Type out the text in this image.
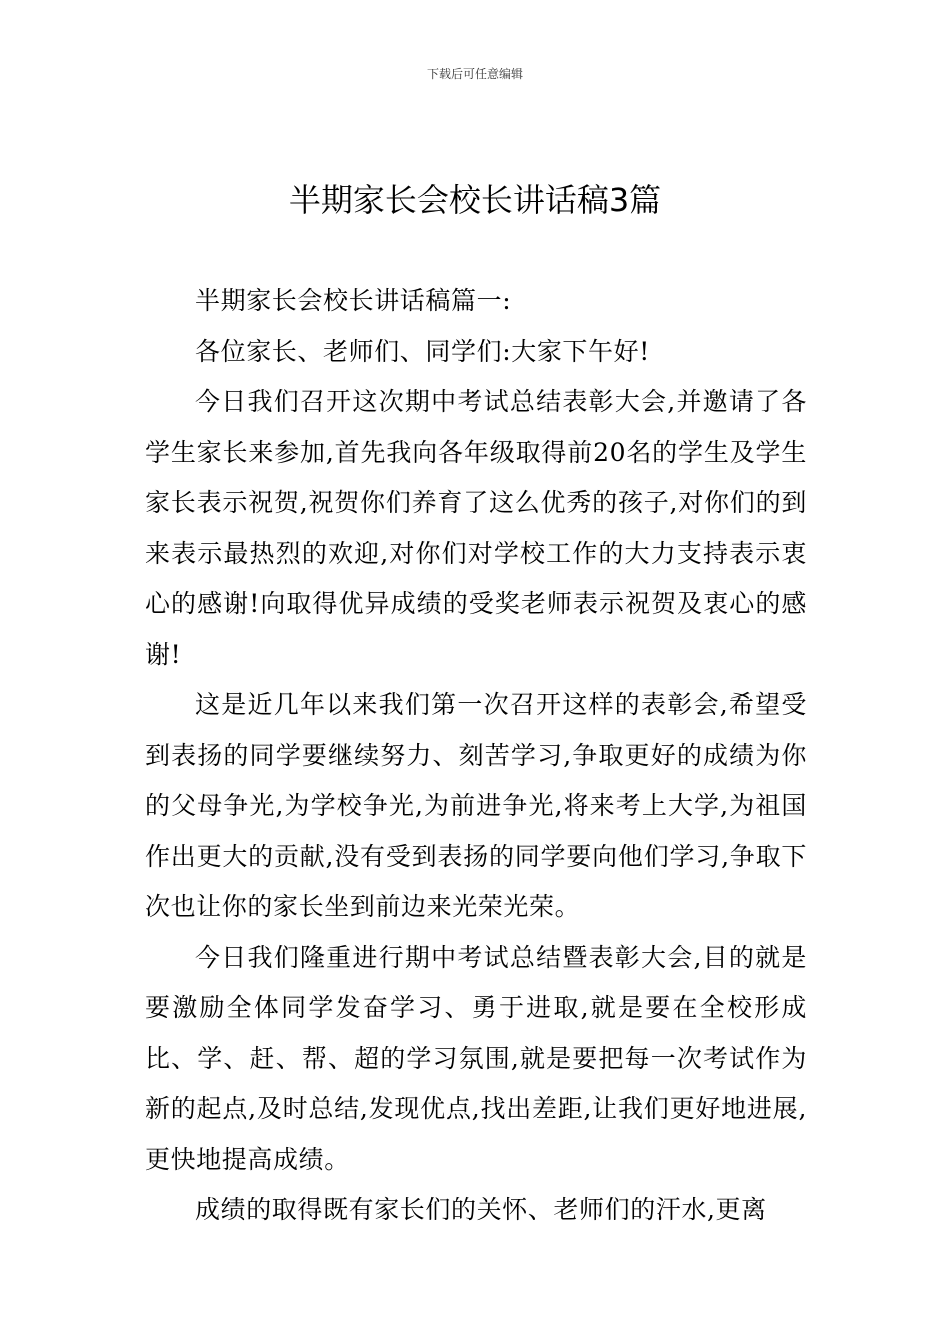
下载后可任意编辑
半期家长会校长讲话稿3篇

半期家长会校长讲话稿篇一:

各位家长、老师们、同学们:大家下午好!

今日我们召开这次期中考试总结表彰大会,并邀请了各学生家长来参加,首先我向各年级取得前20名的学生及学生家长表示祝贺,祝贺你们养育了这么优秀的孩子,对你们的到来表示最热烈的欢迎,对你们对学校工作的大力支持表示衷心的感谢!向取得优异成绩的受奖老师表示祝贺及衷心的感谢!

这是近几年以来我们第一次召开这样的表彰会,希望受到表扬的同学要继续努力、刻苦学习,争取更好的成绩为你的父母争光,为学校争光,为前进争光,将来考上大学,为祖国作出更大的贡献,没有受到表扬的同学要向他们学习,争取下次也让你的家长坐到前边来光荣光荣。

今日我们隆重进行期中考试总结暨表彰大会,目的就是要激励全体同学发奋学习、勇于进取,就是要在全校形成比、学、赶、帮、超的学习氛围,就是要把每一次考试作为新的起点,及时总结,发现优点,找出差距,让我们更好地进展,更快地提高成绩。

成绩的取得既有家长们的关怀、老师们的汗水,更离
